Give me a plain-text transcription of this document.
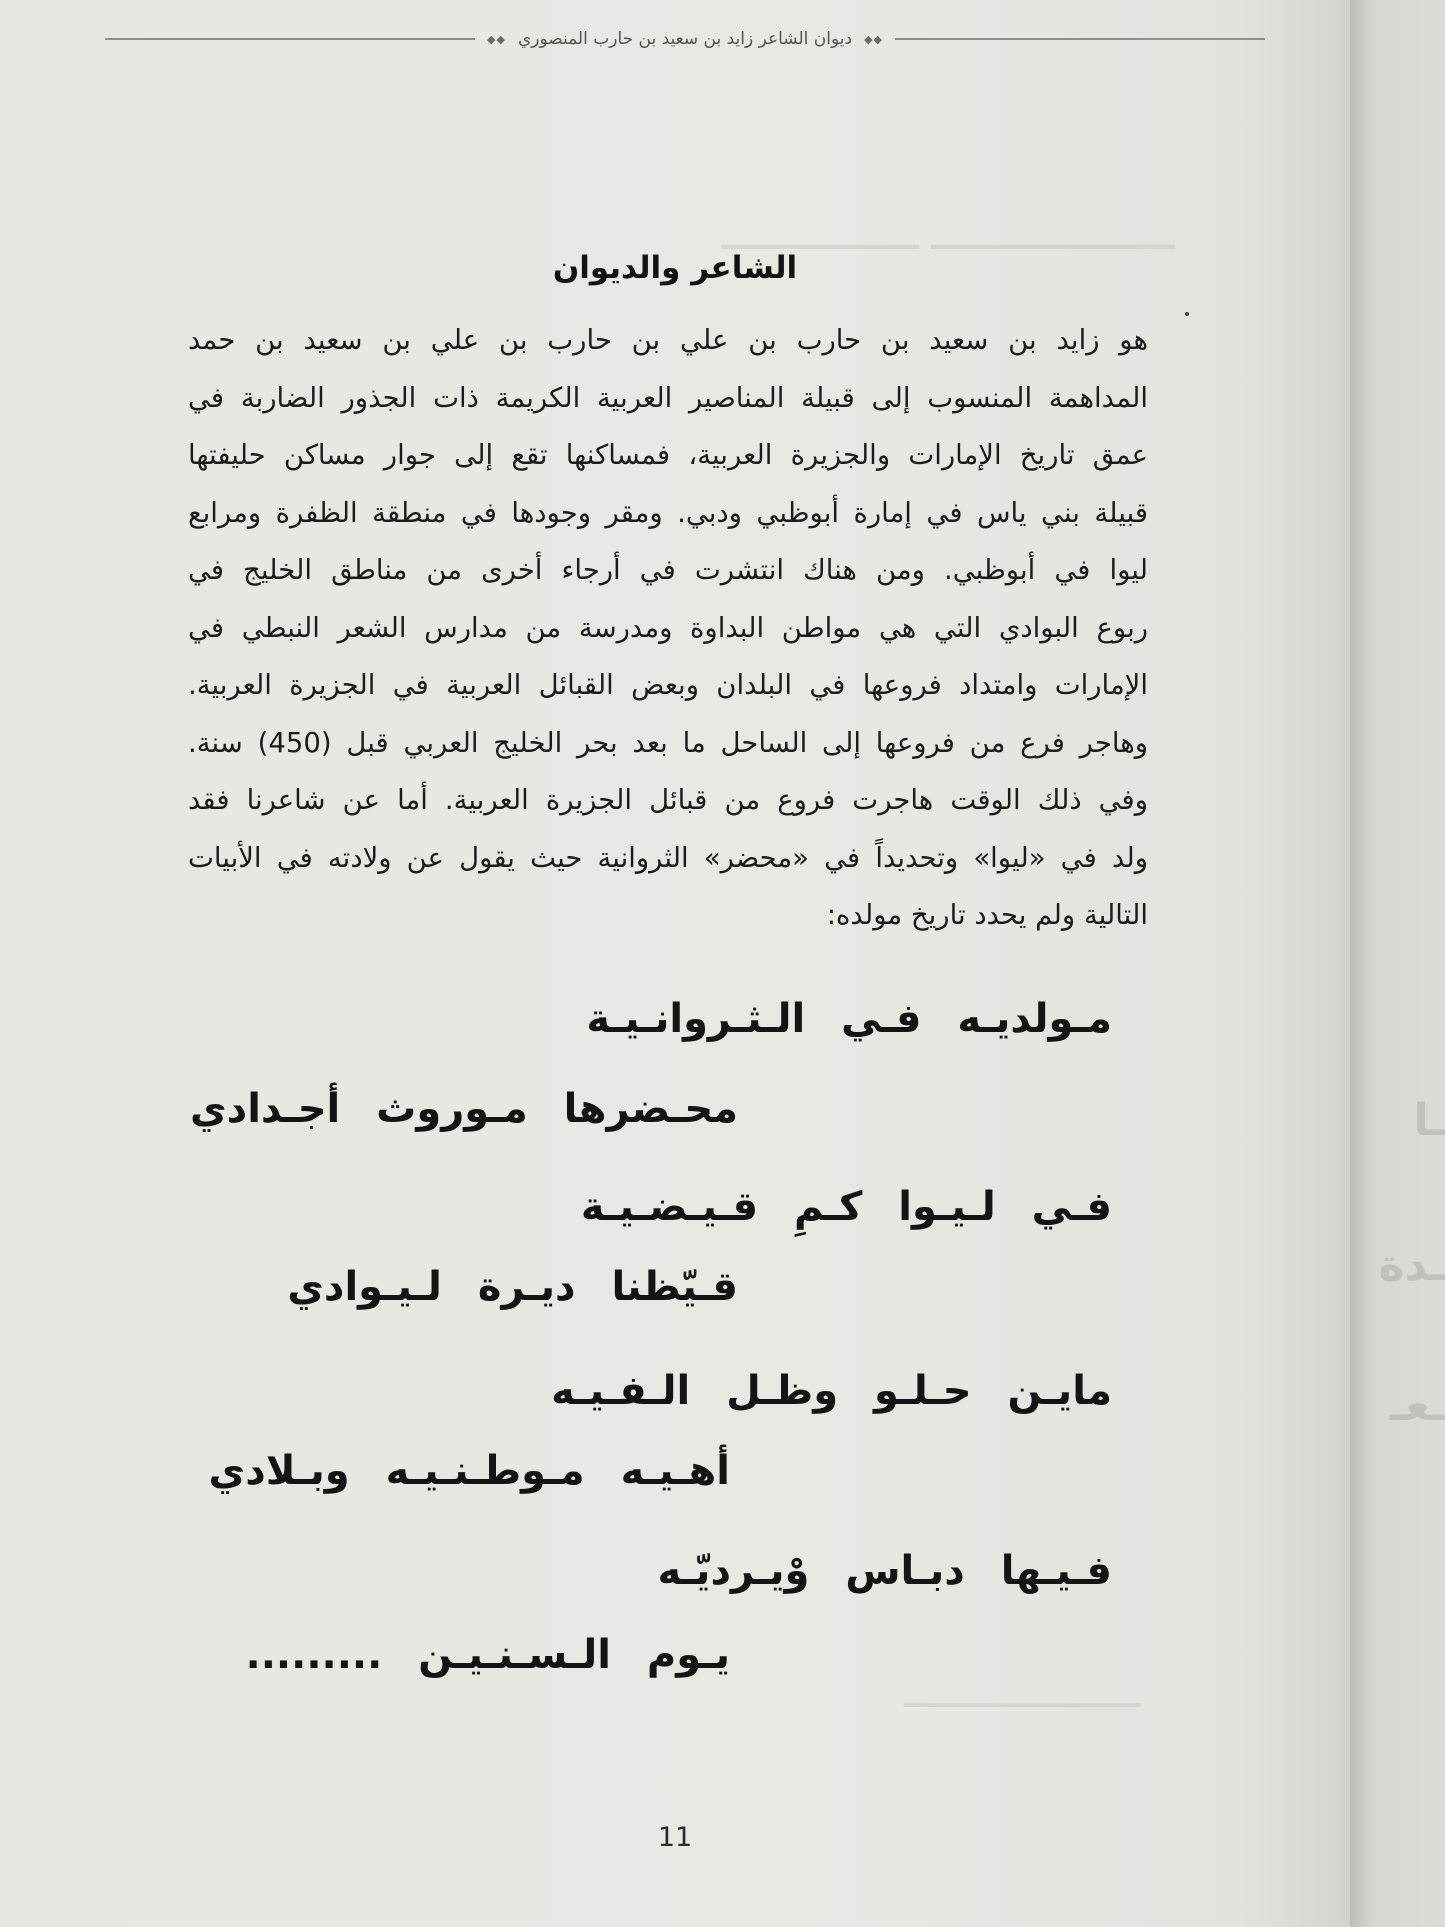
◆◆
ديوان الشاعر زايد بن سعيد بن حارب المنصوري
◆◆
ـــــــــــــــــــــ ـــــــــــــــــ
الشاعر والديوان
هو زايد بن سعيد بن حارب بن علي بن حارب بن علي بن سعيد بن حمد
المداهمة المنسوب إلى قبيلة المناصير العربية الكريمة ذات الجذور الضاربة في
عمق تاريخ الإمارات والجزيرة العربية، فمساكنها تقع إلى جوار مساكن حليفتها
قبيلة بني ياس في إمارة أبوظبي ودبي. ومقر وجودها في منطقة الظفرة ومرابع
ليوا في أبوظبي. ومن هناك انتشرت في أرجاء أخرى من مناطق الخليج في
ربوع البوادي التي هي مواطن البداوة ومدرسة من مدارس الشعر النبطي في
الإمارات وامتداد فروعها في البلدان وبعض القبائل العربية في الجزيرة العربية.
وهاجر فرع من فروعها إلى الساحل ما بعد بحر الخليج العربي قبل (450) سنة.
وفي ذلك الوقت هاجرت فروع من قبائل الجزيرة العربية. أما عن شاعرنا فقد
ولد في «ليوا» وتحديداً في «محضر» الثروانية حيث يقول عن ولادته في الأبيات
التالية ولم يحدد تاريخ مولده:
مـولديـه فـي الـثـروانـيـة
محـضرها مـوروث أجـدادي
فـي لـيـوا كـمِ قـيـضـيـة
قـيّظنا ديـرة لـيـوادي
مايـن حـلـو وظـل الـفـيـه
أهـيـه مـوطـنـيـه وبـلادي
فـيـها دبـاس وْيـرديّـه
يـوم الـسـنـيـن .........
ـــــــــــــــــــــــ
11
ـا
ـدة
ـعـ
